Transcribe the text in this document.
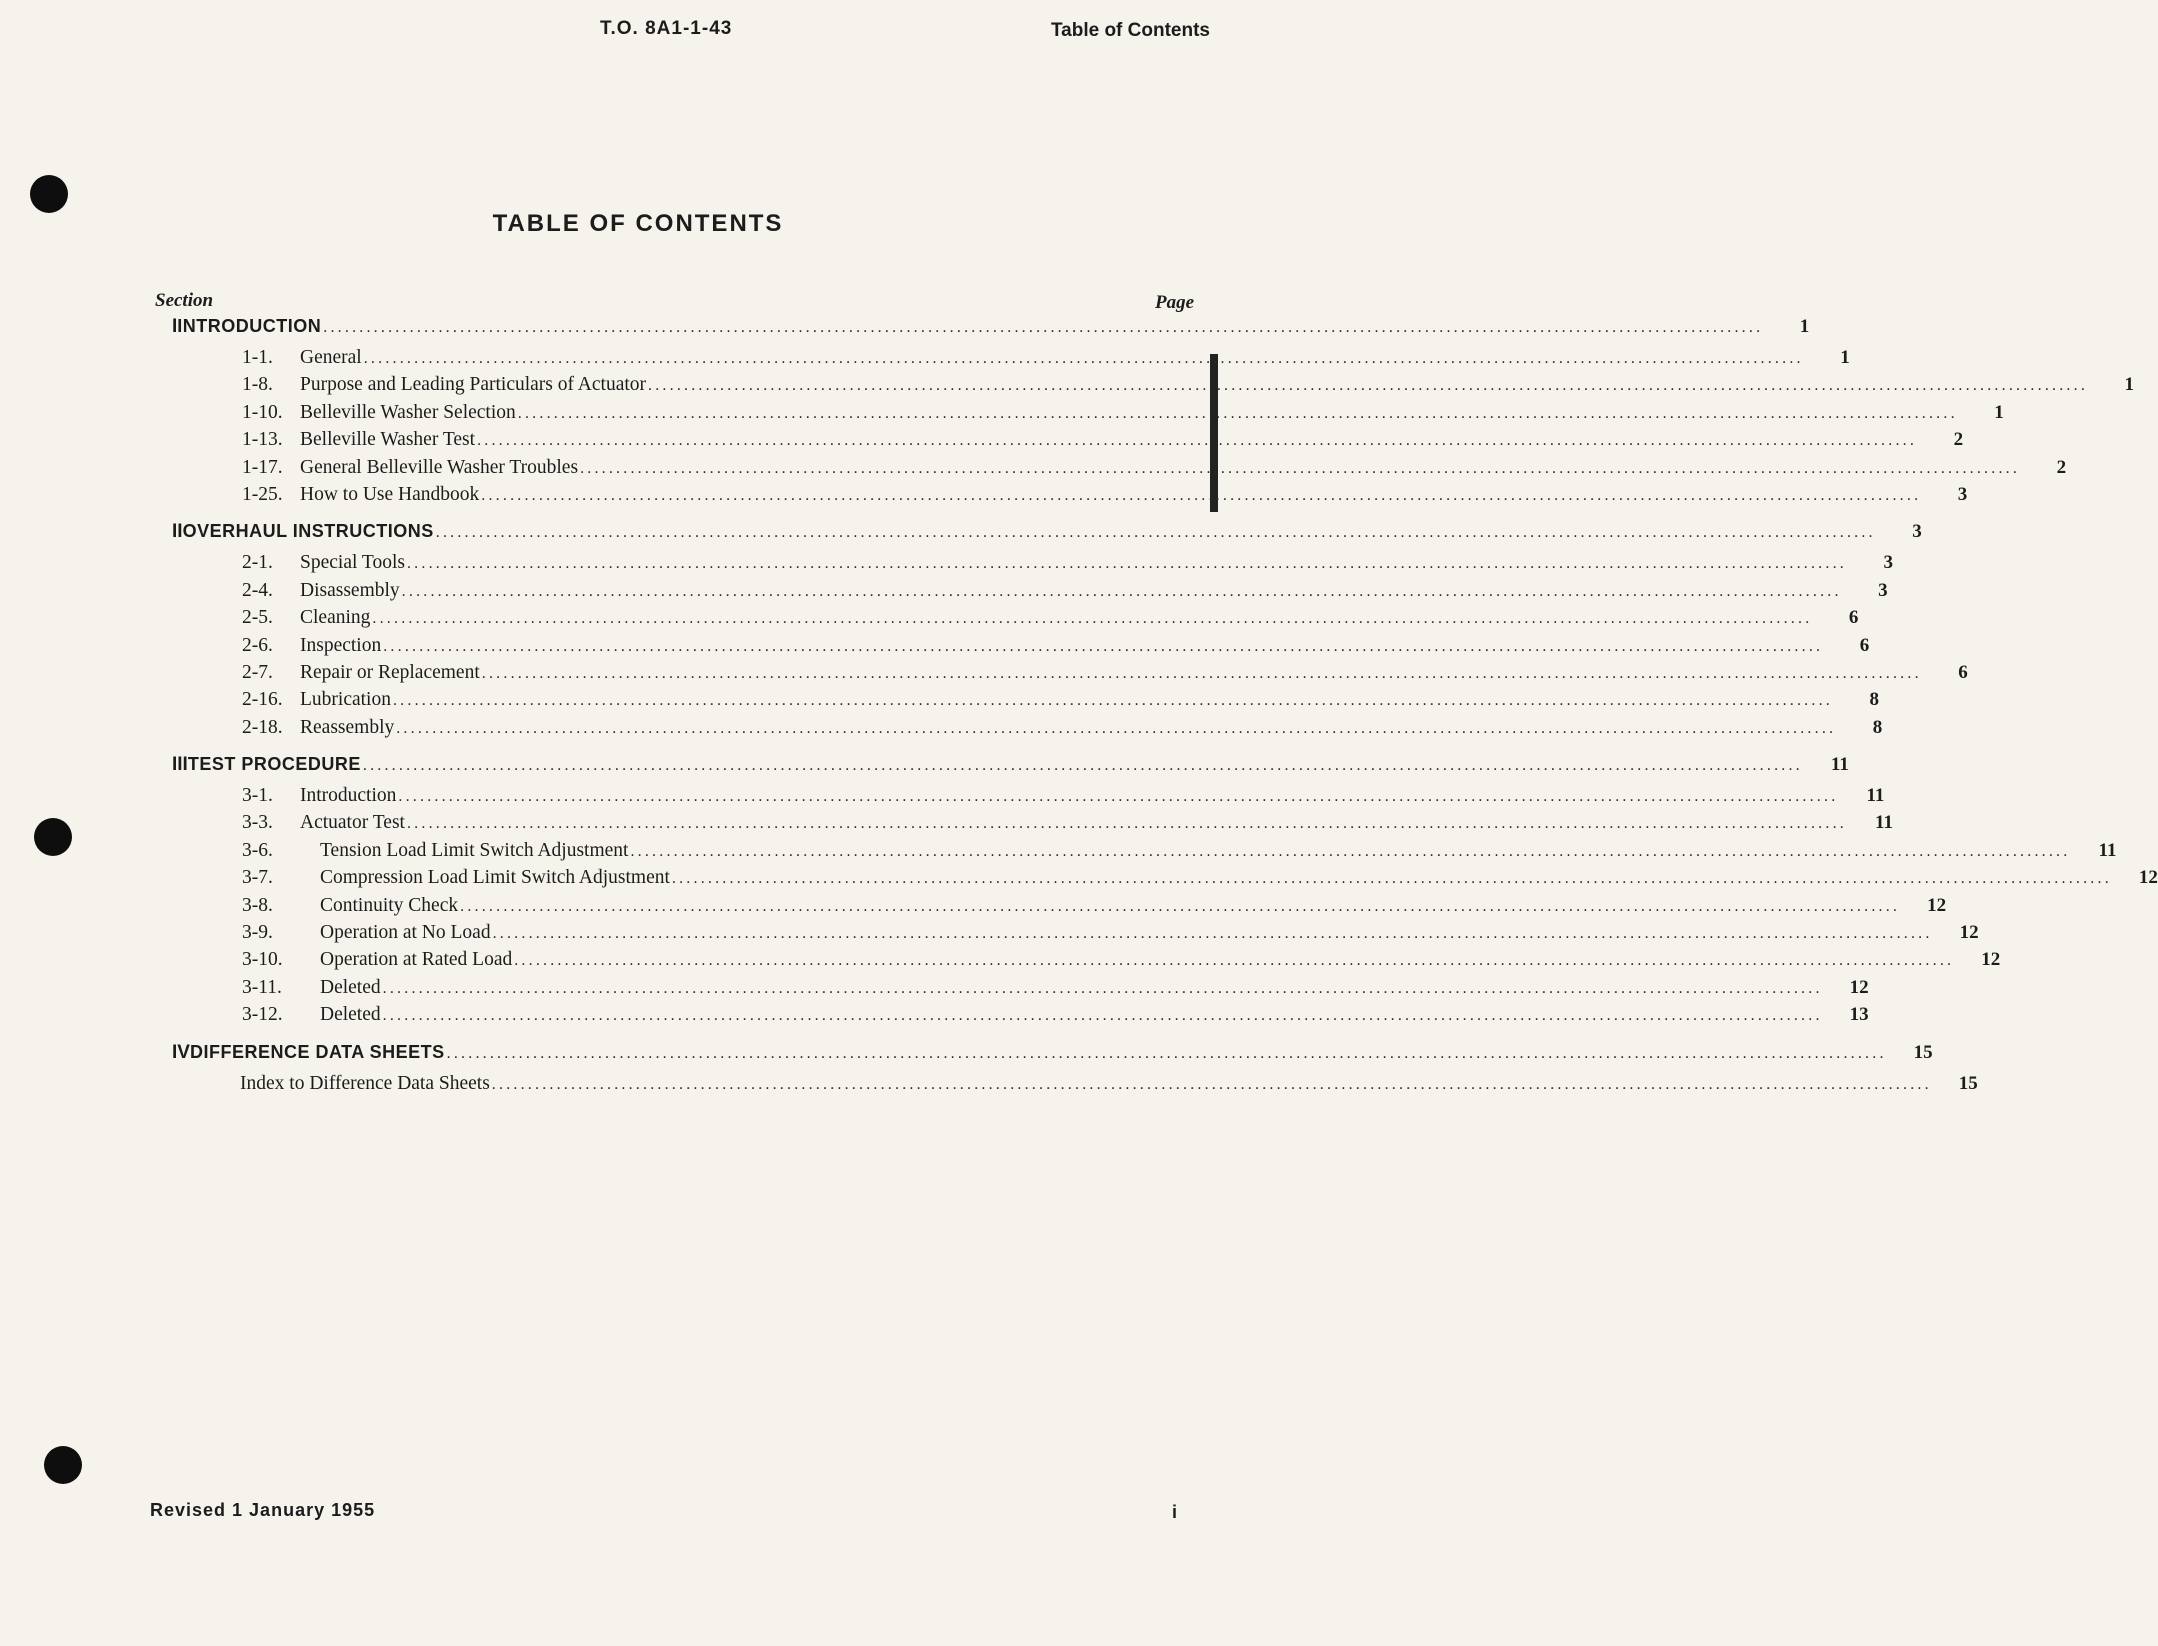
T.O. 8A1-1-43	Table of Contents
TABLE OF CONTENTS
Section	Page
I INTRODUCTION ........................................................................................................................................................................................................	1
1-1.	General ........................................................................................................................................................................................................	1
1-8.	Purpose and Leading Particulars of Actuator ........................................................................................................................................................................................................	1
1-10. Belleville Washer Selection ........................................................................................................................................................................................................	1
1-13. Belleville Washer Test ........................................................................................................................................................................................................	2
1-17. General Belleville Washer Troubles ........................................................................................................................................................................................................	2
1-25. How to Use Handbook ........................................................................................................................................................................................................	3
II OVERHAUL INSTRUCTIONS ........................................................................................................................................................................................................	3
2-1.	Special Tools ........................................................................................................................................................................................................	3
2-4.	Disassembly ........................................................................................................................................................................................................	3
2-5.	Cleaning ........................................................................................................................................................................................................	6
2-6.	Inspection ........................................................................................................................................................................................................	6
2-7.	Repair or Replacement ........................................................................................................................................................................................................	6
2-16. Lubrication ........................................................................................................................................................................................................	8
2-18. Reassembly ........................................................................................................................................................................................................	8
III TEST PROCEDURE ........................................................................................................................................................................................................	11
3-1.	Introduction ........................................................................................................................................................................................................	11
3-3.	Actuator Test ........................................................................................................................................................................................................	11
3-6.	Tension Load Limit Switch Adjustment ........................................................................................................................................................................................................	11
3-7.	Compression Load Limit Switch Adjustment ........................................................................................................................................................................................................	12
3-8.	Continuity Check ........................................................................................................................................................................................................	12
3-9.	Operation at No Load ........................................................................................................................................................................................................	12
3-10.	Operation at Rated Load ........................................................................................................................................................................................................	12
3-11.	Deleted ........................................................................................................................................................................................................	12
3-12.	Deleted ........................................................................................................................................................................................................	13
IV DIFFERENCE DATA SHEETS ........................................................................................................................................................................................................	15
Index to Difference Data Sheets ........................................................................................................................................................................................................	15
Revised 1 January 1955	i
